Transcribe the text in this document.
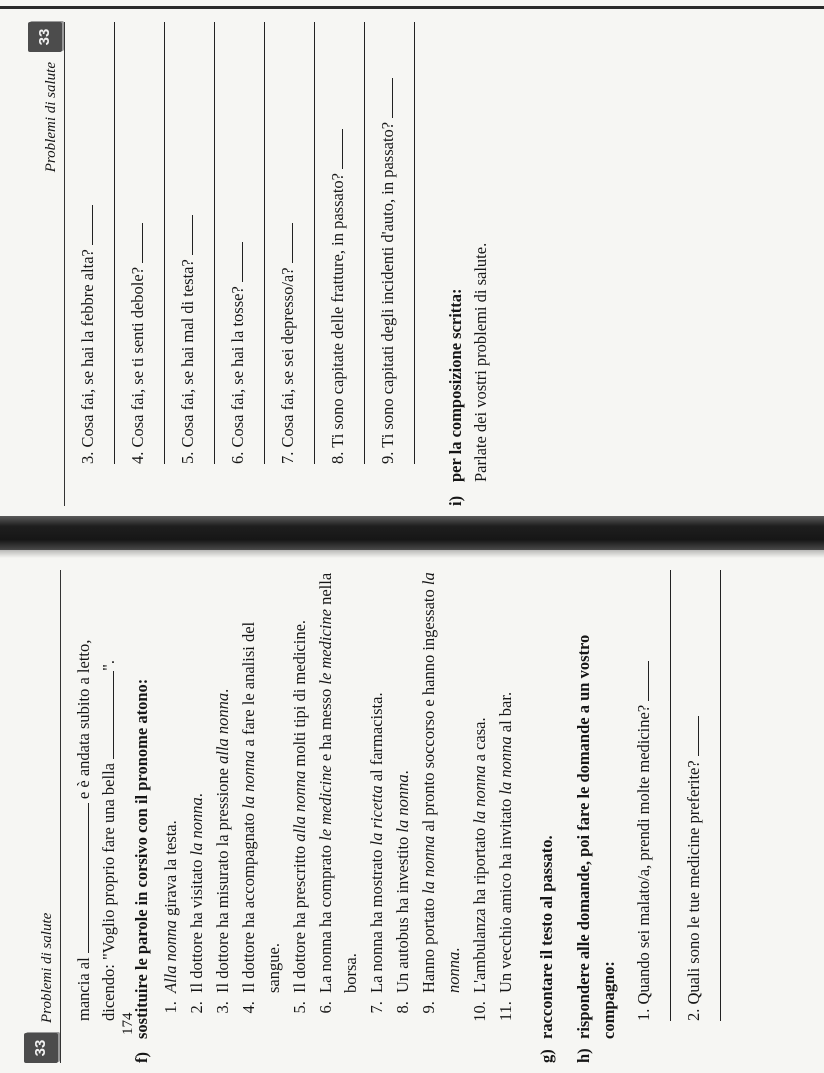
Problemi di salute
33
3. Cosa fai, se hai la febbre alta? 4. Cosa fai, se ti senti debole? 5. Cosa fai, se hai mal di testa? 6. Cosa fai, se hai la tosse? 7. Cosa fai, se sei depresso/a? 8. Ti sono capitate delle fratture, in passato? 9. Ti sono capitati degli incidenti d'auto, in passato?
i)
per la composizione scritta: Parlate dei vostri problemi di salute.
33
Problemi di salute mancia al  e è andata subito a letto,
dicendo: "Voglio proprio fare una bella ".
f)
sostituire le parole in corsivo con il pronome atono: 1. Alla nonna girava la testa. 2. Il dottore ha visitato la nonna. 3. Il dottore ha misurato la pressione alla nonna.
4. Il dottore ha accompagnato la nonna a fare le analisi del sangue. 5. Il dottore ha prescritto alla nonna molti tipi di medicine.
6. La nonna ha comprato le medicine e ha messo le medicine nella borsa. 7. La nonna ha mostrato la ricetta al farmacista.
8. Un autobus ha investito la nonna.
9. Hanno portato la nonna al pronto soccorso e hanno ingessato la nonna. 10. L'ambulanza ha riportato la nonna a casa.
11. Un vecchio amico ha invitato la nonna al bar.
g)
raccontare il testo al passato.
h)
rispondere alle domande, poi fare le domande a un vostro compagno: 1. Quando sei malato/a, prendi molte medicine? 2. Quali sono le tue medicine preferite?
174
